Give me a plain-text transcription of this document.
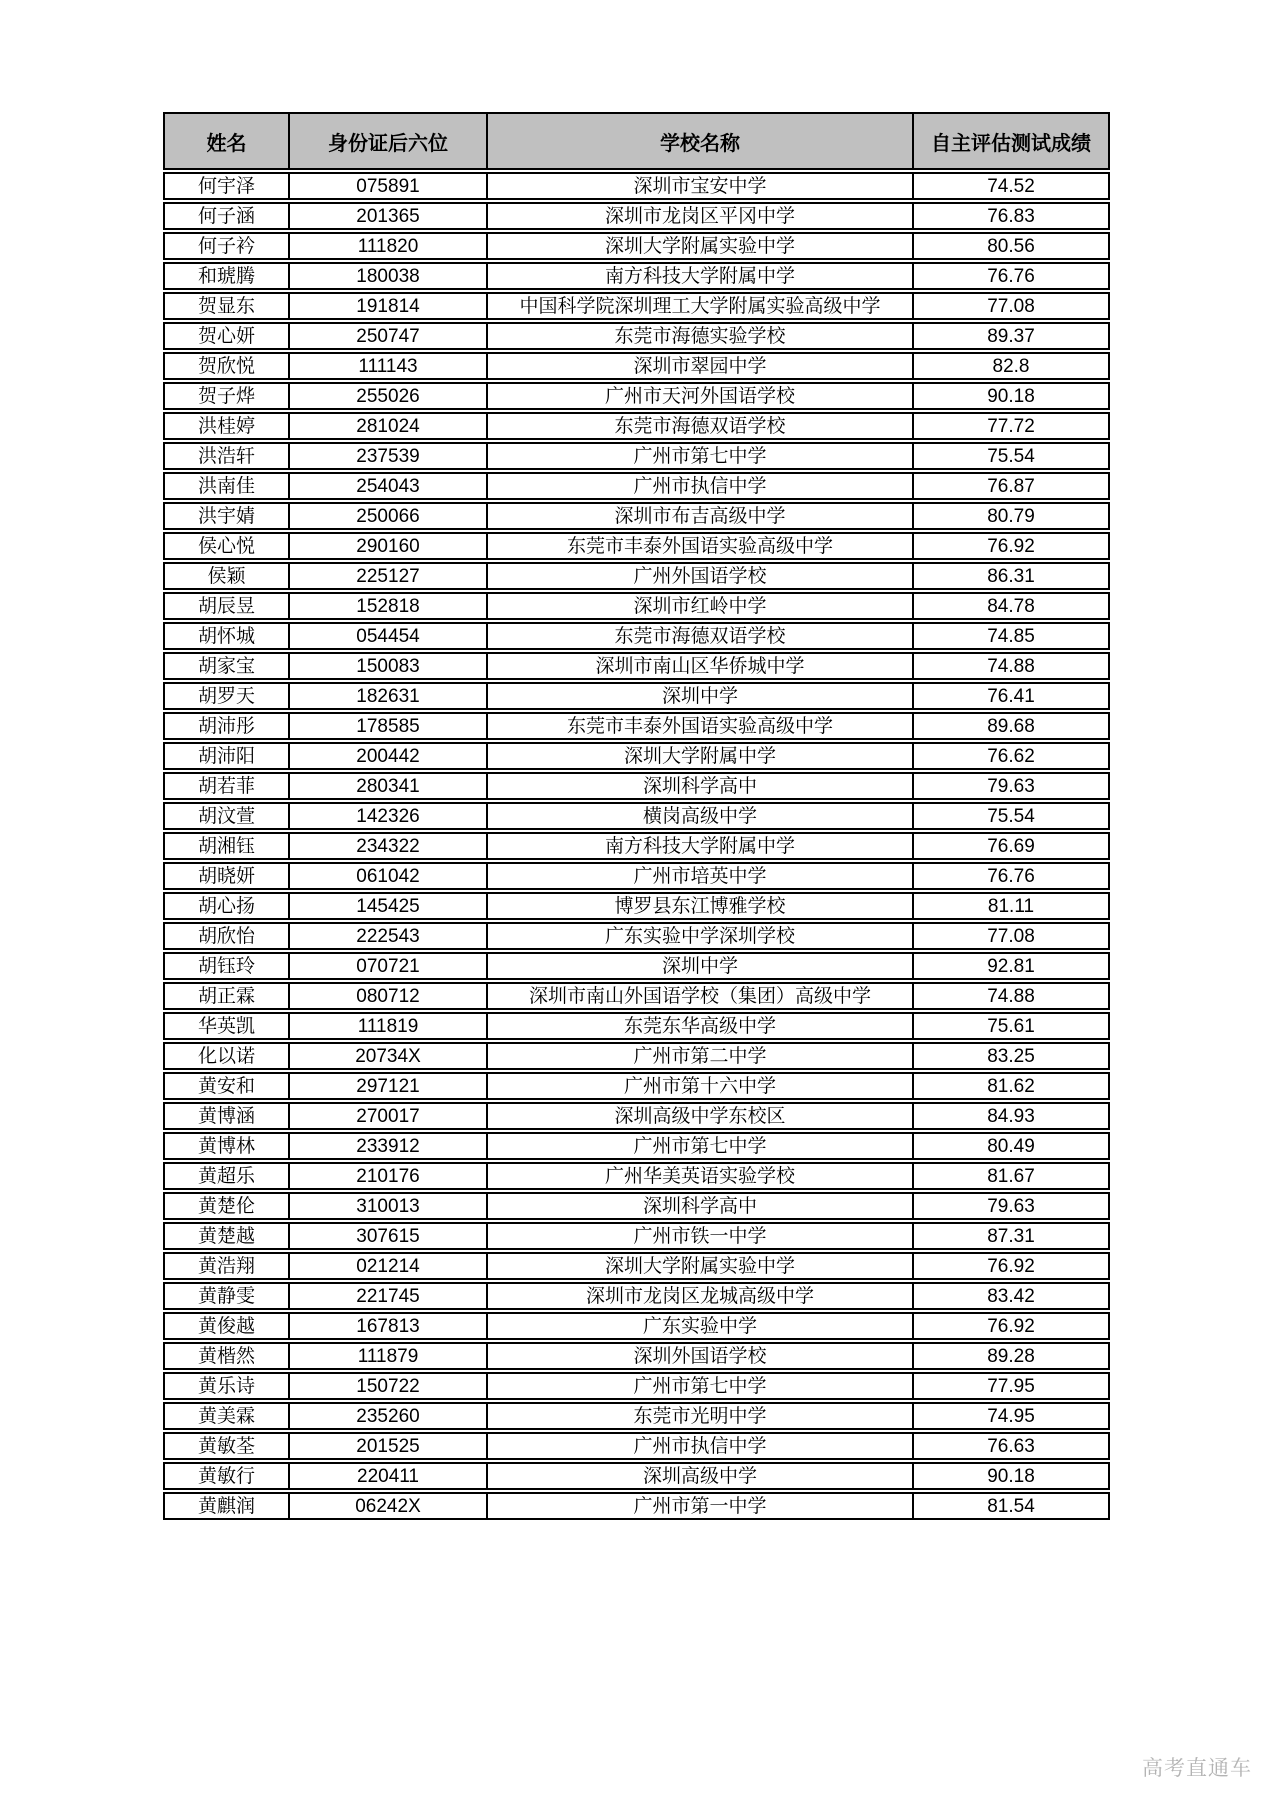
姓名	身份证后六位	学校名称	自主评估测试成绩
何宇泽	075891	深圳市宝安中学	74.52
何子涵	201365	深圳市龙岗区平冈中学	76.83
何子衿	111820	深圳大学附属实验中学	80.56
和琥腾	180038	南方科技大学附属中学	76.76
贺显东	191814	中国科学院深圳理工大学附属实验高级中学	77.08
贺心妍	250747	东莞市海德实验学校	89.37
贺欣悦	111143	深圳市翠园中学	82.8
贺子烨	255026	广州市天河外国语学校	90.18
洪桂婷	281024	东莞市海德双语学校	77.72
洪浩轩	237539	广州市第七中学	75.54
洪南佳	254043	广州市执信中学	76.87
洪宇婧	250066	深圳市布吉高级中学	80.79
侯心悦	290160	东莞市丰泰外国语实验高级中学	76.92
侯颖	225127	广州外国语学校	86.31
胡辰昱	152818	深圳市红岭中学	84.78
胡怀城	054454	东莞市海德双语学校	74.85
胡家宝	150083	深圳市南山区华侨城中学	74.88
胡罗天	182631	深圳中学	76.41
胡沛彤	178585	东莞市丰泰外国语实验高级中学	89.68
胡沛阳	200442	深圳大学附属中学	76.62
胡若菲	280341	深圳科学高中	79.63
胡汶萱	142326	横岗高级中学	75.54
胡湘钰	234322	南方科技大学附属中学	76.69
胡晓妍	061042	广州市培英中学	76.76
胡心扬	145425	博罗县东江博雅学校	81.11
胡欣怡	222543	广东实验中学深圳学校	77.08
胡钰玲	070721	深圳中学	92.81
胡正霖	080712	深圳市南山外国语学校（集团）高级中学	74.88
华英凯	111819	东莞东华高级中学	75.61
化以诺	20734X	广州市第二中学	83.25
黄安和	297121	广州市第十六中学	81.62
黄博涵	270017	深圳高级中学东校区	84.93
黄博林	233912	广州市第七中学	80.49
黄超乐	210176	广州华美英语实验学校	81.67
黄楚伦	310013	深圳科学高中	79.63
黄楚越	307615	广州市铁一中学	87.31
黄浩翔	021214	深圳大学附属实验中学	76.92
黄静雯	221745	深圳市龙岗区龙城高级中学	83.42
黄俊越	167813	广东实验中学	76.92
黄楷然	111879	深圳外国语学校	89.28
黄乐诗	150722	广州市第七中学	77.95
黄美霖	235260	东莞市光明中学	74.95
黄敏荃	201525	广州市执信中学	76.63
黄敏行	220411	深圳高级中学	90.18
黄麒润	06242X	广州市第一中学	81.54
高考直通车
